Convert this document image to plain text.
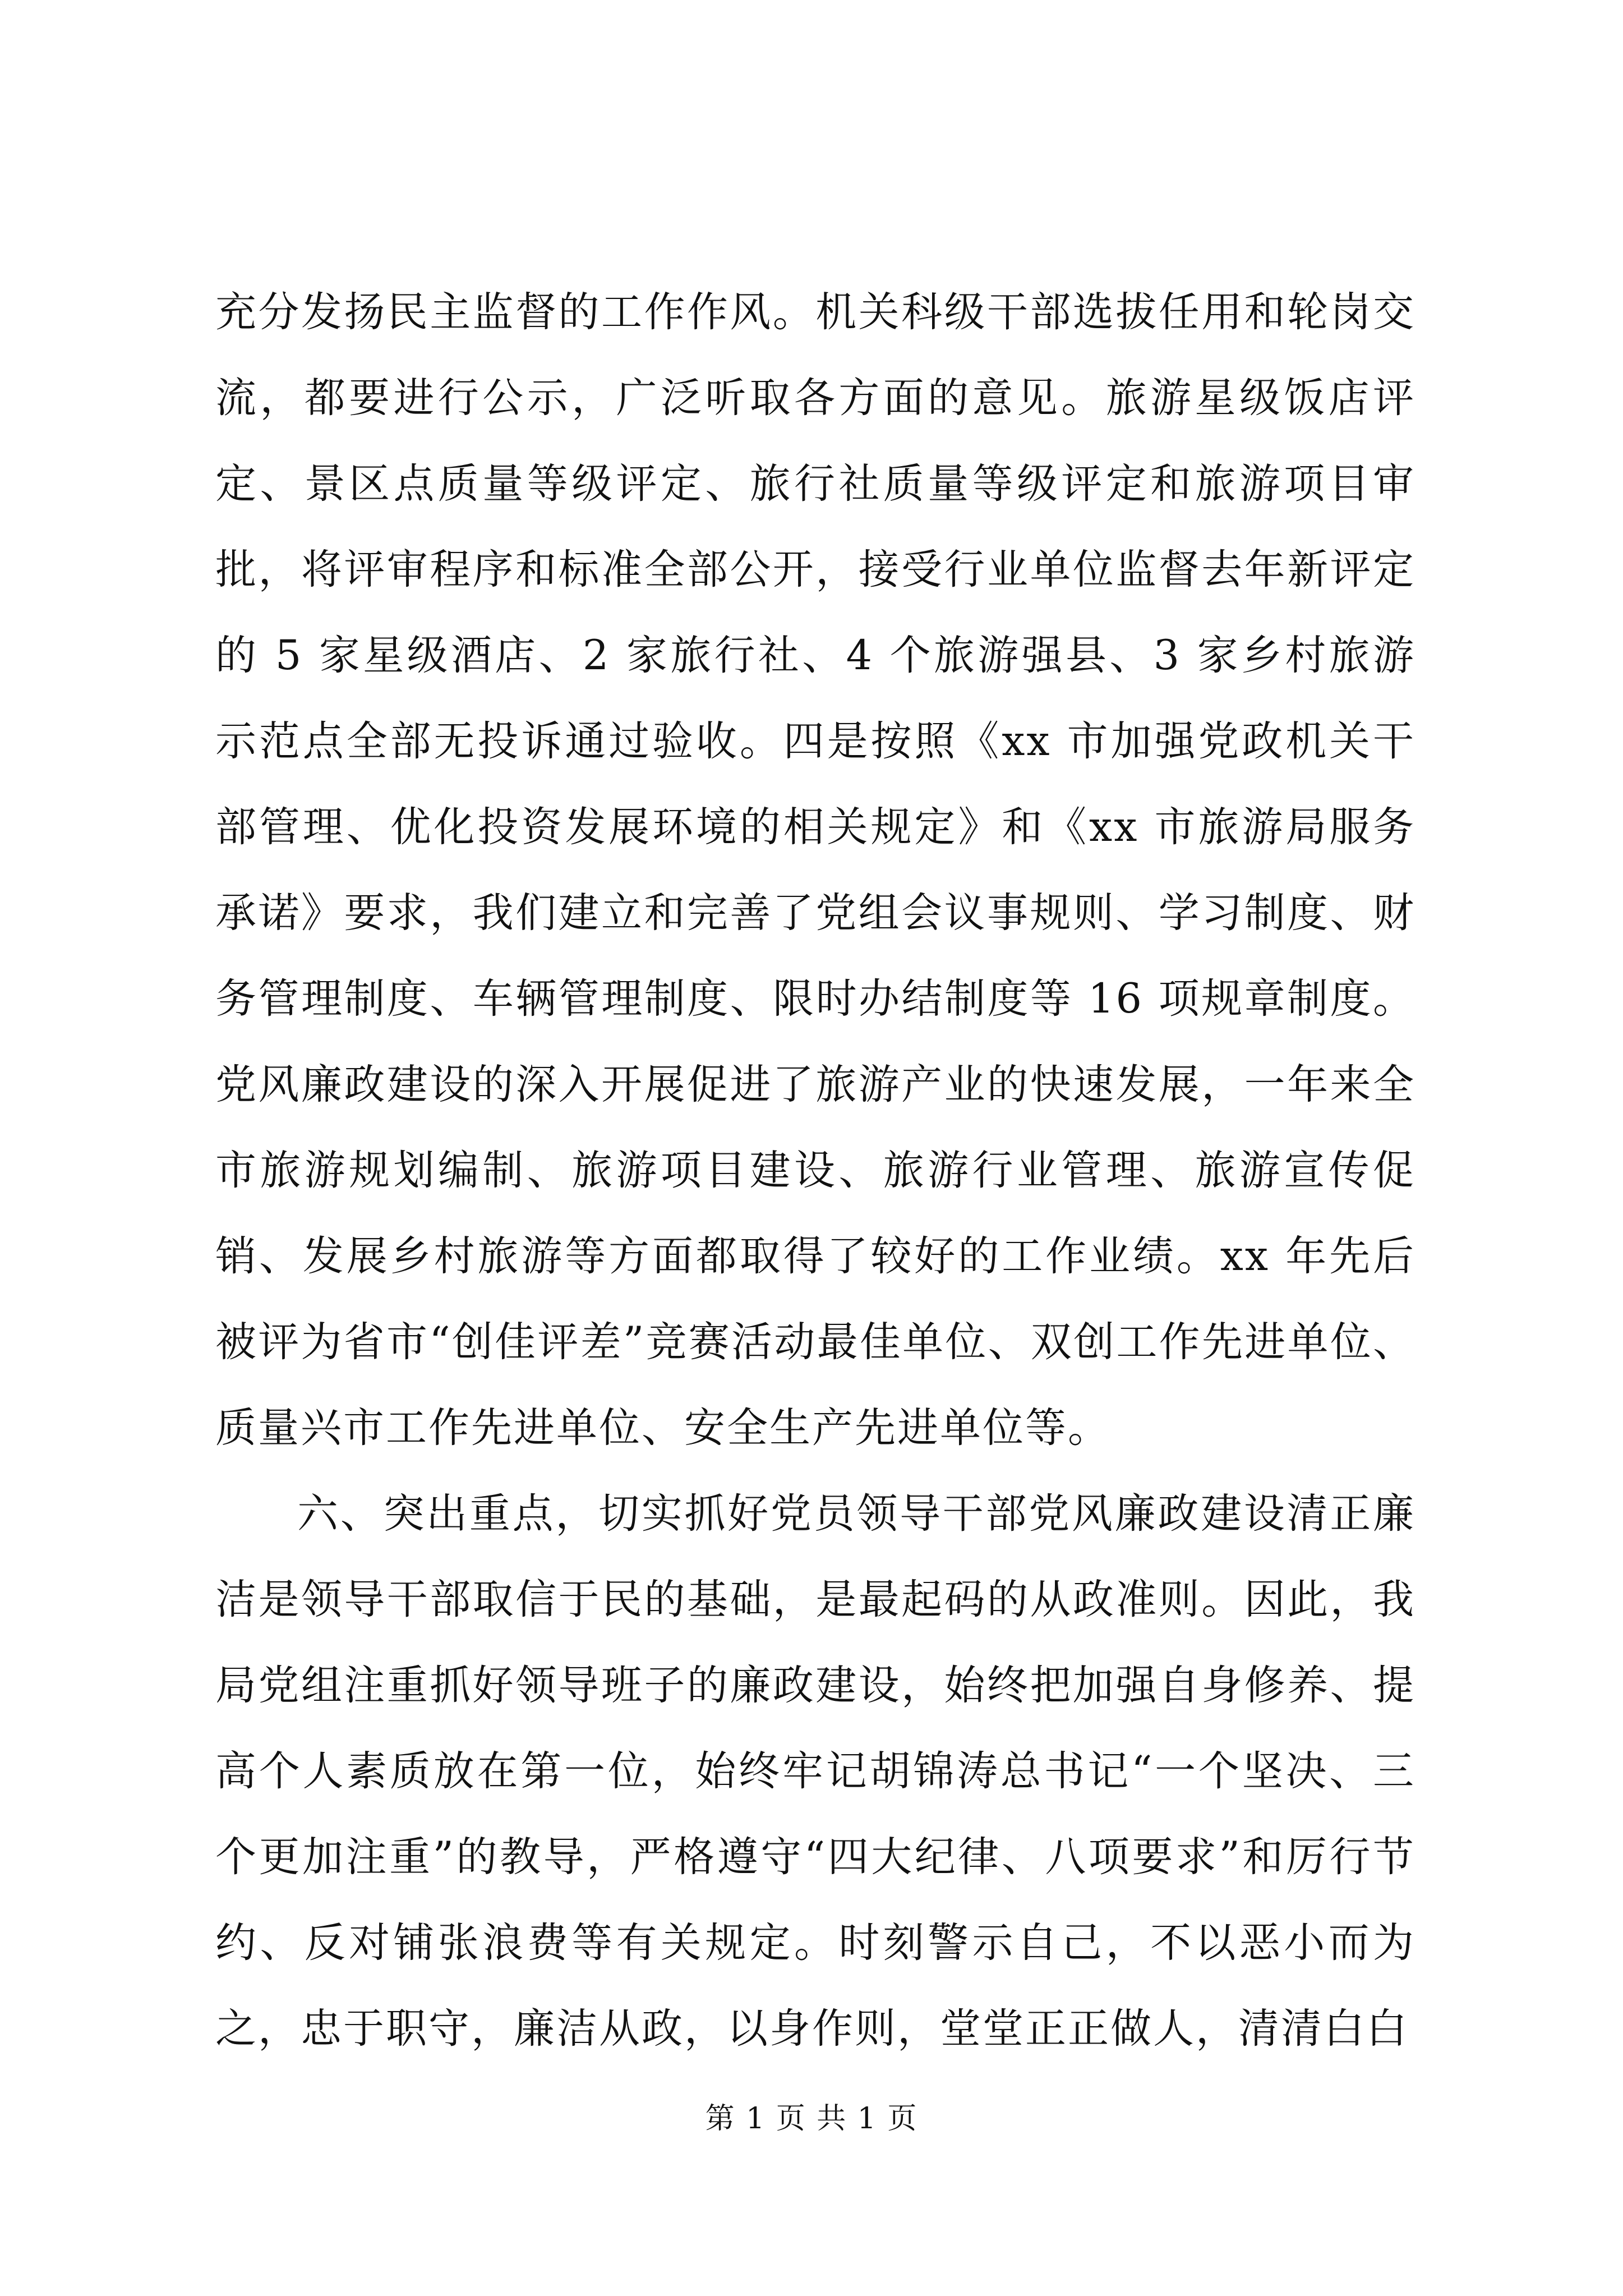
充分发扬民主监督的工作作风。机关科级干部选拔任用和轮岗交流，都要进行公示，广泛听取各方面的意见。旅游星级饭店评定、景区点质量等级评定、旅行社质量等级评定和旅游项目审批，将评审程序和标准全部公开，接受行业单位监督去年新评定的 5 家星级酒店、2 家旅行社、4 个旅游强县、3 家乡村旅游示范点全部无投诉通过验收。四是按照《xx 市加强党政机关干部管理、优化投资发展环境的相关规定》和《xx 市旅游局服务承诺》要求，我们建立和完善了党组会议事规则、学习制度、财务管理制度、车辆管理制度、限时办结制度等 16 项规章制度。党风廉政建设的深入开展促进了旅游产业的快速发展，一年来全市旅游规划编制、旅游项目建设、旅游行业管理、旅游宣传促销、发展乡村旅游等方面都取得了较好的工作业绩。xx 年先后被评为省市“创佳评差”竞赛活动最佳单位、双创工作先进单位、质量兴市工作先进单位、安全生产先进单位等。

六、突出重点，切实抓好党员领导干部党风廉政建设清正廉洁是领导干部取信于民的基础，是最起码的从政准则。因此，我局党组注重抓好领导班子的廉政建设，始终把加强自身修养、提高个人素质放在第一位，始终牢记胡锦涛总书记“一个坚决、三个更加注重”的教导，严格遵守“四大纪律、八项要求”和厉行节约、反对铺张浪费等有关规定。时刻警示自己，不以恶小而为之，忠于职守，廉洁从政，以身作则，堂堂正正做人，清清白白

第 1 页 共 1 页
